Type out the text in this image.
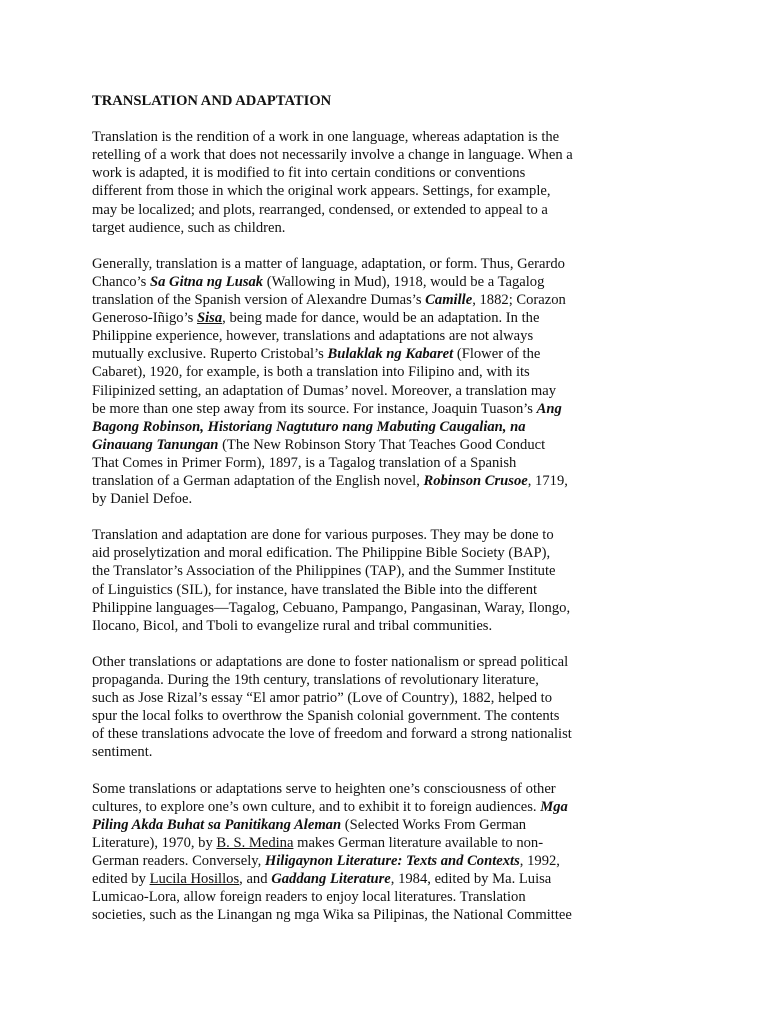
TRANSLATION AND ADAPTATION
Translation is the rendition of a work in one language, whereas adaptation is the
retelling of a work that does not necessarily involve a change in language. When a
work is adapted, it is modified to fit into certain conditions or conventions
different from those in which the original work appears. Settings, for example,
may be localized; and plots, rearranged, condensed, or extended to appeal to a
target audience, such as children.
Generally, translation is a matter of language, adaptation, or form. Thus, Gerardo
Chanco’s Sa Gitna ng Lusak (Wallowing in Mud), 1918, would be a Tagalog
translation of the Spanish version of Alexandre Dumas’s Camille, 1882; Corazon
Generoso-Iñigo’s Sisa, being made for dance, would be an adaptation. In the
Philippine experience, however, translations and adaptations are not always
mutually exclusive. Ruperto Cristobal’s Bulaklak ng Kabaret (Flower of the
Cabaret), 1920, for example, is both a translation into Filipino and, with its
Filipinized setting, an adaptation of Dumas’ novel. Moreover, a translation may
be more than one step away from its source. For instance, Joaquin Tuason’s Ang
Bagong Robinson, Historiang Nagtuturo nang Mabuting Caugalian, na
Ginauang Tanungan (The New Robinson Story That Teaches Good Conduct
That Comes in Primer Form), 1897, is a Tagalog translation of a Spanish
translation of a German adaptation of the English novel, Robinson Crusoe, 1719,
by Daniel Defoe.
Translation and adaptation are done for various purposes. They may be done to
aid proselytization and moral edification. The Philippine Bible Society (BAP),
the Translator’s Association of the Philippines (TAP), and the Summer Institute
of Linguistics (SIL), for instance, have translated the Bible into the different
Philippine languages—Tagalog, Cebuano, Pampango, Pangasinan, Waray, Ilongo,
Ilocano, Bicol, and Tboli to evangelize rural and tribal communities.
Other translations or adaptations are done to foster nationalism or spread political
propaganda. During the 19th century, translations of revolutionary literature,
such as Jose Rizal’s essay “El amor patrio” (Love of Country), 1882, helped to
spur the local folks to overthrow the Spanish colonial government. The contents
of these translations advocate the love of freedom and forward a strong nationalist
sentiment.
Some translations or adaptations serve to heighten one’s consciousness of other
cultures, to explore one’s own culture, and to exhibit it to foreign audiences. Mga
Piling Akda Buhat sa Panitikang Aleman (Selected Works From German
Literature), 1970, by B. S. Medina makes German literature available to non-
German readers. Conversely, Hiligaynon Literature: Texts and Contexts, 1992,
edited by Lucila Hosillos, and Gaddang Literature, 1984, edited by Ma. Luisa
Lumicao-Lora, allow foreign readers to enjoy local literatures. Translation
societies, such as the Linangan ng mga Wika sa Pilipinas, the National Committee
